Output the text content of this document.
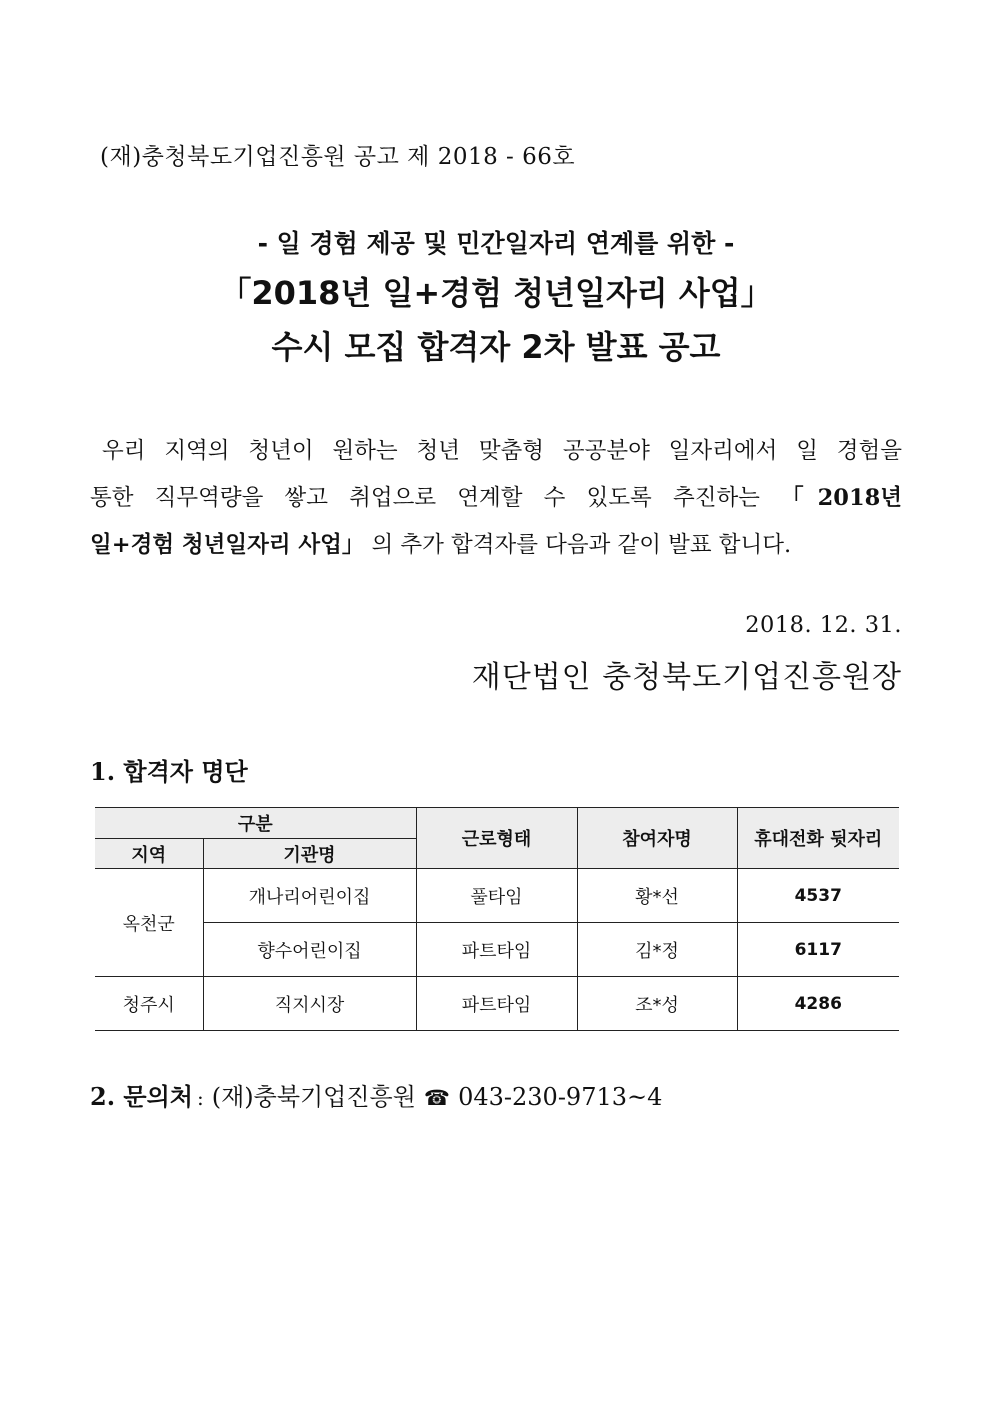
(재)충청북도기업진흥원 공고 제 2018 - 66호
- 일 경험 제공 및 민간일자리 연계를 위한 -
「2018년 일+경험 청년일자리 사업」
수시 모집 합격자 2차 발표 공고

우리 지역의 청년이 원하는 청년 맞춤형 공공분야 일자리에서 일 경험을

통한 직무역량을 쌓고 취업으로 연계할 수 있도록 추진하는 「2018년

일+경험 청년일자리 사업」 의 추가 합격자를 다음과 같이 발표 합니다.

2018. 12. 31.
재단법인 충청북도기업진흥원장
1. 합격자 명단
구분		근로형태	참여자명	휴대전화 뒷자리
지역	기관명			
옥천군	개나리어린이집	풀타임	황*선	4537
	향수어린이집	파트타임	김*정	6117
청주시	직지시장	파트타임	조*성	4286
2. 문의처 : (재)충북기업진흥원 ☎ 043-230-9713~4
